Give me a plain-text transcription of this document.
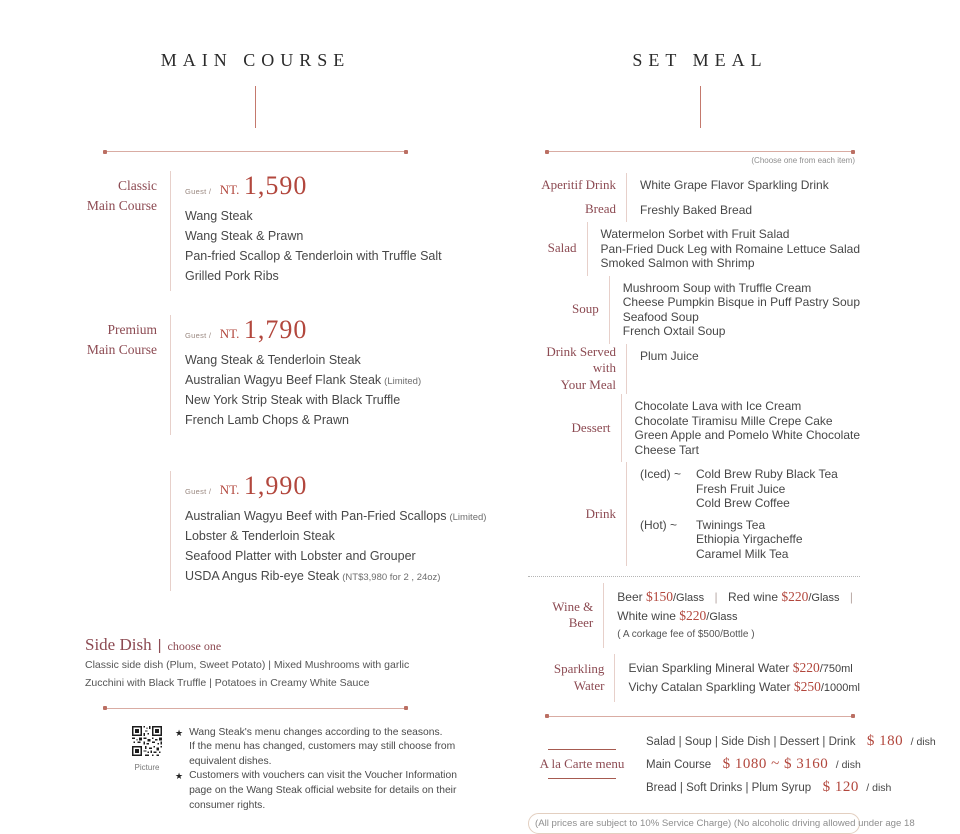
MAIN COURSE
Classic
Main Course
Guest / NT. 1,590
Wang Steak
Wang Steak & Prawn
Pan-fried Scallop & Tenderloin with Truffle Salt
Grilled Pork Ribs
Premium
Main Course
Guest / NT. 1,790
Wang Steak & Tenderloin Steak
Australian Wagyu Beef Flank Steak (Limited)
New York Strip Steak with Black Truffle
French Lamb Chops & Prawn
Guest / NT. 1,990
Australian Wagyu Beef with Pan-Fried Scallops (Limited)
Lobster & Tenderloin Steak
Seafood Platter with Lobster and Grouper
USDA Angus Rib-eye Steak (NT$3,980 for 2 , 24oz)
Side Dish | choose one
Classic side dish (Plum, Sweet Potato) | Mixed Mushrooms with garlic
Zucchini with Black Truffle | Potatoes in Creamy White Sauce
Picture
★ Wang Steak's menu changes according to the seasons.
If the menu has changed, customers may still choose from
equivalent dishes.
★ Customers with vouchers can visit the Voucher Information
page on the Wang Steak official website for details on their
consumer rights.
SET MEAL
(Choose one from each item)
Aperitif Drink White Grape Flavor Sparkling Drink
Bread Freshly Baked Bread
Salad
Watermelon Sorbet with Fruit Salad
Pan-Fried Duck Leg with Romaine Lettuce Salad
Smoked Salmon with Shrimp
Soup
Mushroom Soup with Truffle Cream
Cheese Pumpkin Bisque in Puff Pastry Soup
Seafood Soup
French Oxtail Soup
Drink Served with
Your Meal
Plum Juice
Dessert
Chocolate Lava with Ice Cream
Chocolate Tiramisu Mille Crepe Cake
Green Apple and Pomelo White Chocolate
Cheese Tart
Drink
(Iced) ~	Cold Brew Ruby Black Tea
Fresh Fruit Juice
Cold Brew Coffee
(Hot) ~	Twinings Tea
Ethiopia Yirgacheffe
Caramel Milk Tea
Wine & Beer
Beer $150/Glass | Red wine $220/Glass |
White wine $220/Glass
( A corkage fee of $500/Bottle )
Sparkling Water
Evian Sparkling Mineral Water $220/750ml
Vichy Catalan Sparkling Water $250/1000ml
A la Carte menu
Salad | Soup | Side Dish | Dessert | Drink $ 180 / dish
Main Course $ 1080 ~ $ 3160 / dish
Bread | Soft Drinks | Plum Syrup $ 120 / dish
(All prices are subject to 10% Service Charge) (No alcoholic driving allowed under age 18
